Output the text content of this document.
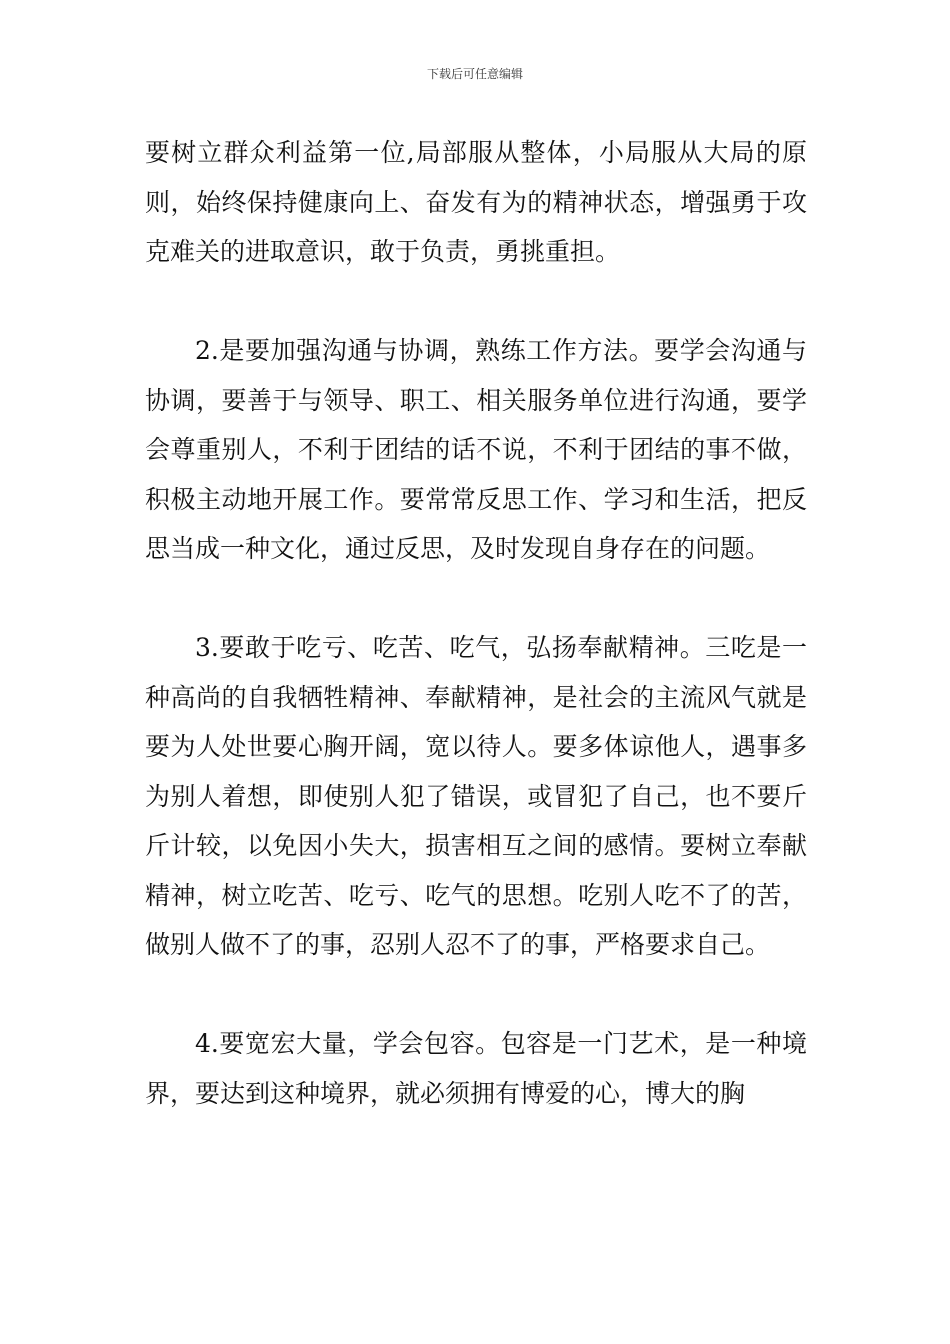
下载后可任意编辑

要树立群众利益第一位,局部服从整体，小局服从大局的原则，始终保持健康向上、奋发有为的精神状态，增强勇于攻克难关的进取意识，敢于负责，勇挑重担。

2.是要加强沟通与协调，熟练工作方法。要学会沟通与协调，要善于与领导、职工、相关服务单位进行沟通，要学会尊重别人，不利于团结的话不说，不利于团结的事不做，积极主动地开展工作。要常常反思工作、学习和生活，把反思当成一种文化，通过反思，及时发现自身存在的问题。

3.要敢于吃亏、吃苦、吃气，弘扬奉献精神。三吃是一种高尚的自我牺牲精神、奉献精神，是社会的主流风气就是要为人处世要心胸开阔，宽以待人。要多体谅他人，遇事多为别人着想，即使别人犯了错误，或冒犯了自己，也不要斤斤计较，以免因小失大，损害相互之间的感情。要树立奉献精神，树立吃苦、吃亏、吃气的思想。吃别人吃不了的苦，做别人做不了的事，忍别人忍不了的事，严格要求自己。

4.要宽宏大量，学会包容。包容是一门艺术，是一种境界，要达到这种境界，就必须拥有博爱的心，博大的胸
